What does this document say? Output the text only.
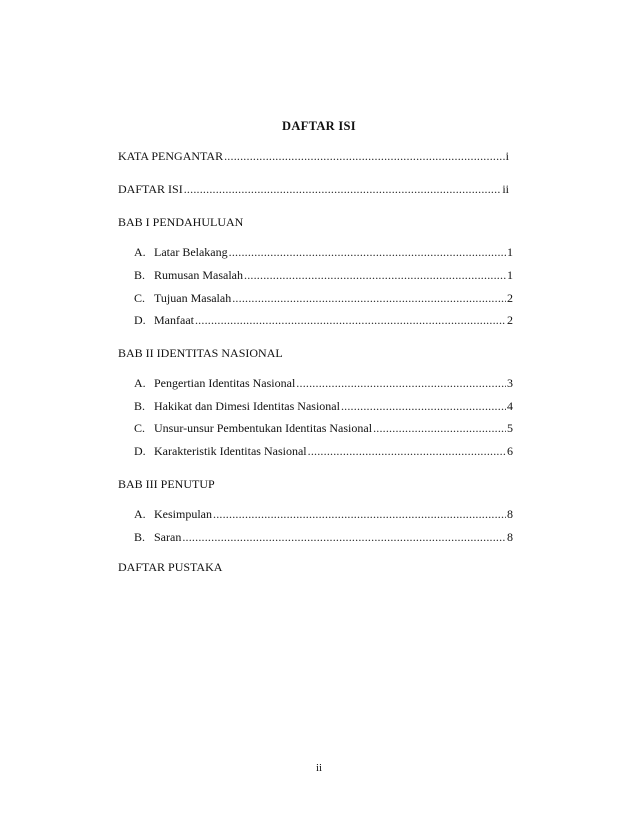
DAFTAR ISI
KATA PENGANTAR .....	i
DAFTAR ISI .....	ii
BAB I PENDAHULUAN
A. Latar Belakang .....	1
B. Rumusan Masalah .....	1
C. Tujuan Masalah .....	2
D. Manfaat .....	2
BAB II IDENTITAS NASIONAL
A. Pengertian Identitas Nasional .....	3
B. Hakikat dan Dimesi Identitas Nasional .....	4
C. Unsur-unsur Pembentukan Identitas Nasional .....	5
D. Karakteristik Identitas Nasional .....	6
BAB III PENUTUP
A. Kesimpulan .....	8
B. Saran .....	8
DAFTAR PUSTAKA
ii
